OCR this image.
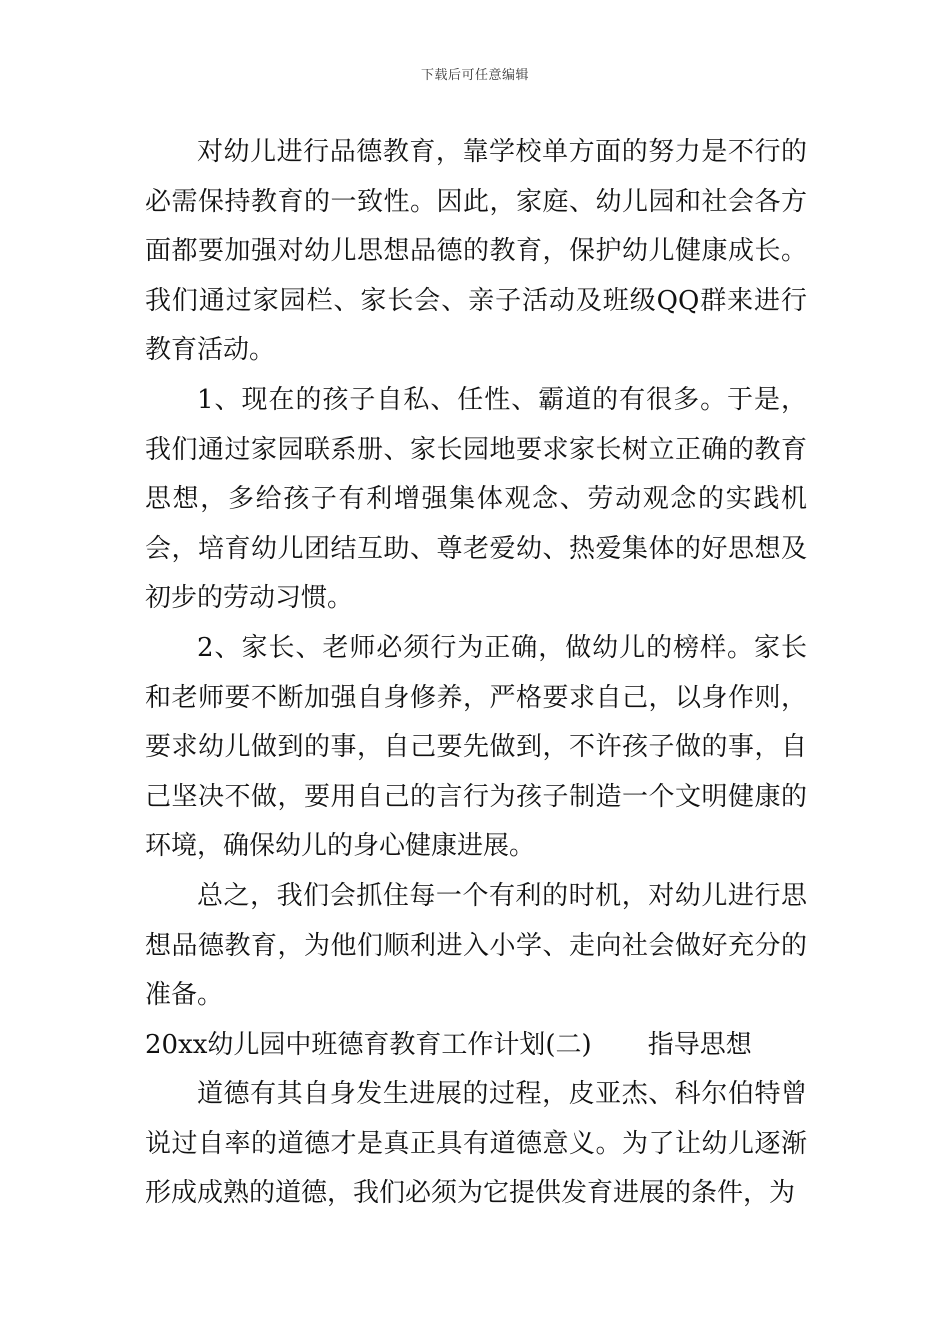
下载后可任意编辑

对幼儿进行品德教育，靠学校单方面的努力是不行的必需保持教育的一致性。因此，家庭、幼儿园和社会各方面都要加强对幼儿思想品德的教育，保护幼儿健康成长。我们通过家园栏、家长会、亲子活动及班级QQ群来进行教育活动。

1、现在的孩子自私、任性、霸道的有很多。于是，我们通过家园联系册、家长园地要求家长树立正确的教育思想，多给孩子有利增强集体观念、劳动观念的实践机会，培育幼儿团结互助、尊老爱幼、热爱集体的好思想及初步的劳动习惯。

2、家长、老师必须行为正确，做幼儿的榜样。家长和老师要不断加强自身修养，严格要求自己，以身作则，要求幼儿做到的事，自己要先做到，不许孩子做的事，自己坚决不做，要用自己的言行为孩子制造一个文明健康的环境，确保幼儿的身心健康进展。

总之，我们会抓住每一个有利的时机，对幼儿进行思想品德教育，为他们顺利进入小学、走向社会做好充分的准备。

20xx幼儿园中班德育教育工作计划(二) 指导思想

道德有其自身发生进展的过程，皮亚杰、科尔伯特曾说过自率的道德才是真正具有道德意义。为了让幼儿逐渐形成成熟的道德，我们必须为它提供发育进展的条件，为
